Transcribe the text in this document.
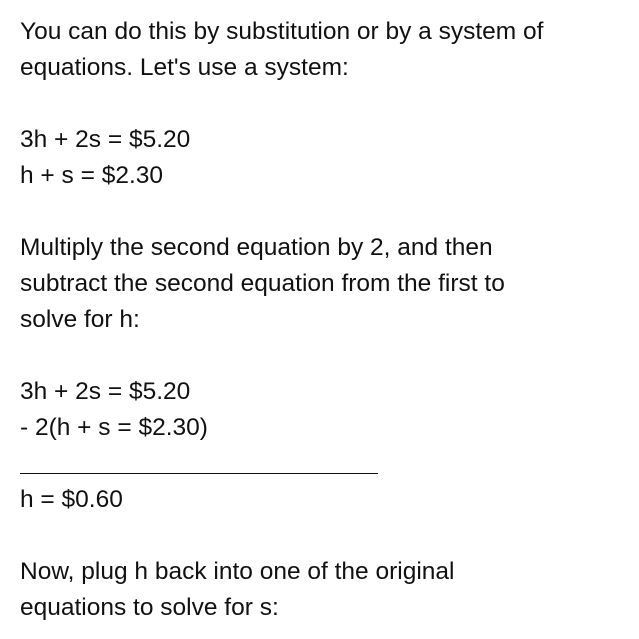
You can do this by substitution or by a system of
equations. Let's use a system:
3h + 2s = $5.20
h + s = $2.30
Multiply the second equation by 2, and then
subtract the second equation from the first to
solve for h:
3h + 2s = $5.20
- 2(h + s = $2.30)
h = $0.60
Now, plug h back into one of the original
equations to solve for s:
